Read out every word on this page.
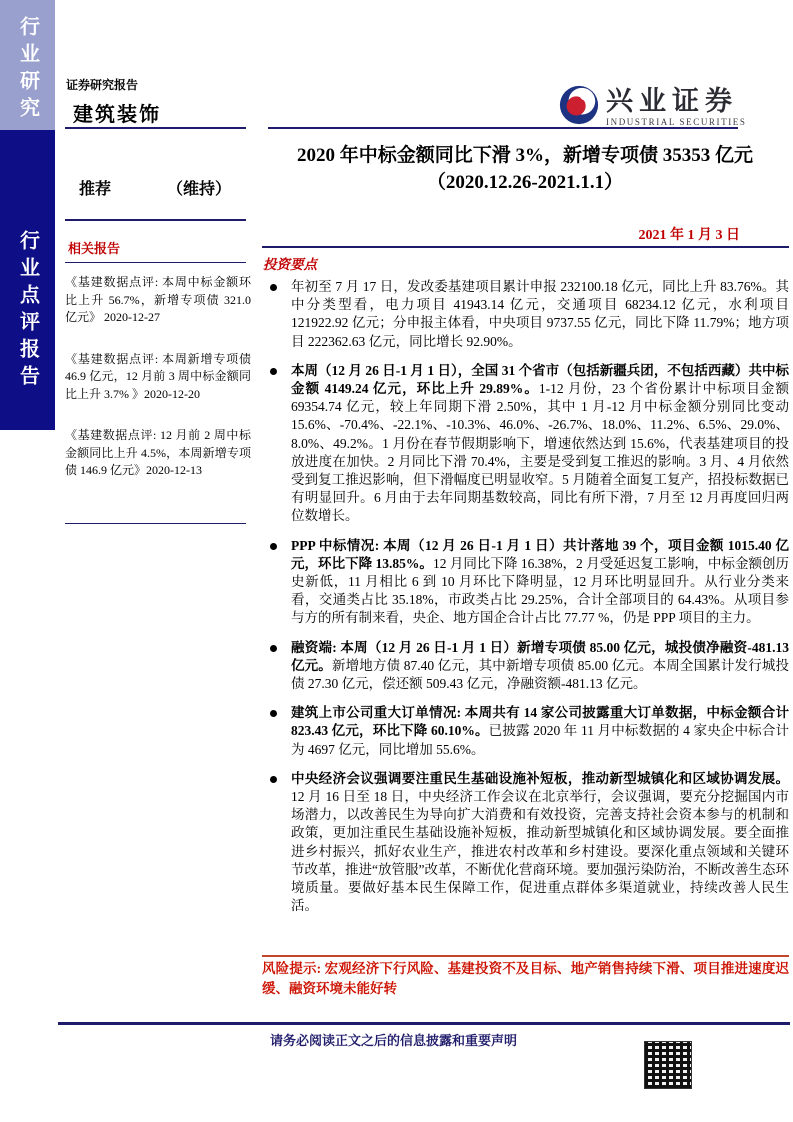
行业研究
行业点评报告
证券研究报告
建筑装饰
推荐	（维持）
相关报告
《基建数据点评: 本周中标金额环比上升 56.7%，新增专项债 321.0 亿元》 2020-12-27
《基建数据点评: 本周新增专项债 46.9 亿元，12 月前 3 周中标金额同比上升 3.7% 》2020-12-20
《基建数据点评: 12 月前 2 周中标金额同比上升 4.5%，本周新增专项债 146.9 亿元》2020-12-13
兴业证券
INDUSTRIAL SECURITIES
2020 年中标金额同比下滑 3%，新增专项债 35353 亿元（2020.12.26-2021.1.1）
2021 年 1 月 3 日
投资要点
年初至 7 月 17 日，发改委基建项目累计申报 232100.18 亿元，同比上升 83.76%。其中分类型看，电力项目 41943.14 亿元，交通项目 68234.12 亿元，水利项目 121922.92 亿元；分申报主体看，中央项目 9737.55 亿元，同比下降 11.79%；地方项目 222362.63 亿元，同比增长 92.90%。
本周（12 月 26 日-1 月 1 日），全国 31 个省市（包括新疆兵团，不包括西藏）共中标金额 4149.24 亿元，环比上升 29.89%。1-12 月份，23 个省份累计中标项目金额 69354.74 亿元，较上年同期下滑 2.50%，其中 1 月-12 月中标金额分别同比变动 15.6%、-70.4%、-22.1%、-10.3%、46.0%、-26.7%、18.0%、11.2%、6.5%、29.0%、8.0%、49.2%。1 月份在春节假期影响下，增速依然达到 15.6%，代表基建项目的投放进度在加快。2 月同比下滑 70.4%，主要是受到复工推迟的影响。3 月、4 月依然受到复工推迟影响，但下滑幅度已明显收窄。5 月随着全面复工复产，招投标数据已有明显回升。6 月由于去年同期基数较高，同比有所下滑，7 月至 12 月再度回归两位数增长。
PPP 中标情况: 本周（12 月 26 日-1 月 1 日）共计落地 39 个，项目金额 1015.40 亿元，环比下降 13.85%。12 月同比下降 16.38%，2 月受延迟复工影响，中标金额创历史新低，11 月相比 6 到 10 月环比下降明显，12 月环比明显回升。从行业分类来看，交通类占比 35.18%，市政类占比 29.25%，合计全部项目的 64.43%。从项目参与方的所有制来看，央企、地方国企合计占比 77.77 %，仍是 PPP 项目的主力。
融资端: 本周（12 月 26 日-1 月 1 日）新增专项债 85.00 亿元，城投债净融资-481.13 亿元。新增地方债 87.40 亿元，其中新增专项债 85.00 亿元。本周全国累计发行城投债 27.30 亿元，偿还额 509.43 亿元，净融资额-481.13 亿元。
建筑上市公司重大订单情况: 本周共有 14 家公司披露重大订单数据，中标金额合计 823.43 亿元，环比下降 60.10%。已披露 2020 年 11 月中标数据的 4 家央企中标合计为 4697 亿元，同比增加 55.6%。
中央经济会议强调要注重民生基础设施补短板，推动新型城镇化和区域协调发展。12 月 16 日至 18 日，中央经济工作会议在北京举行，会议强调，要充分挖掘国内市场潜力，以改善民生为导向扩大消费和有效投资，完善支持社会资本参与的机制和政策，更加注重民生基础设施补短板，推动新型城镇化和区域协调发展。要全面推进乡村振兴，抓好农业生产，推进农村改革和乡村建设。要深化重点领域和关键环节改革，推进“放管服”改革，不断优化营商环境。要加强污染防治，不断改善生态环境质量。要做好基本民生保障工作，促进重点群体多渠道就业，持续改善人民生活。
风险提示: 宏观经济下行风险、基建投资不及目标、地产销售持续下滑、项目推进速度迟缓、融资环境未能好转
请务必阅读正文之后的信息披露和重要声明
